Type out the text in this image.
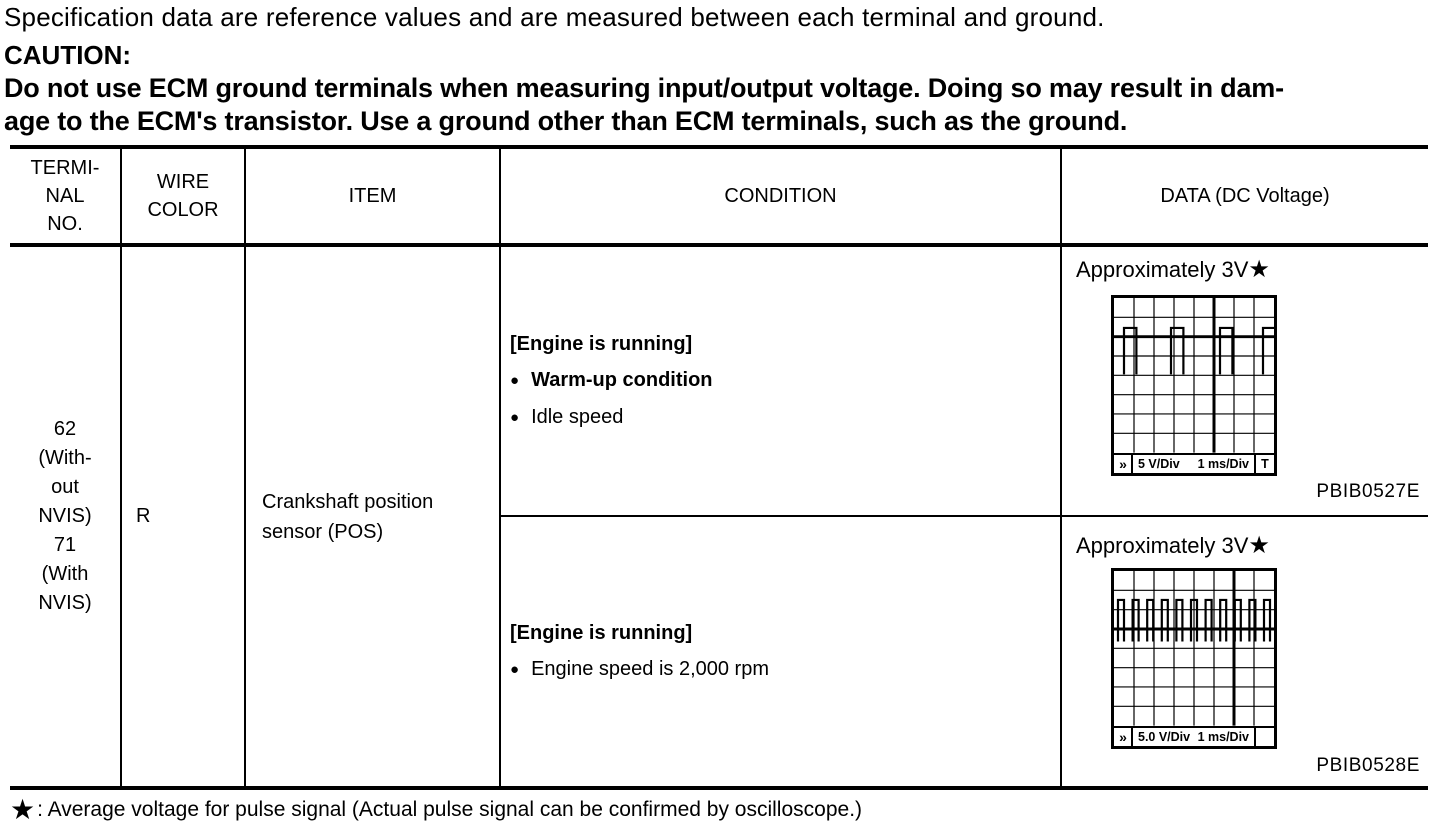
Specification data are reference values and are measured between each terminal and ground.
CAUTION:
Do not use ECM ground terminals when measuring input/output voltage. Doing so may result in dam-
age to the ECM's transistor. Use a ground other than ECM terminals, such as the ground.
TERMI-
NAL
NO.
WIRE
COLOR
ITEM	CONDITION	DATA (DC Voltage)
62
(With-
out
NVIS)
71
(With
NVIS)
R
Crankshaft position
sensor (POS)
[Engine is running]
● Warm-up condition
● Idle speed
[Engine is running]
● Engine speed is 2,000 rpm
Approximately 3V★
» 5 V/Div 1 ms/Div T
PBIB0527E
Approximately 3V★
» 5.0 V/Div 1 ms/Div
PBIB0528E
★ : Average voltage for pulse signal (Actual pulse signal can be confirmed by oscilloscope.)
